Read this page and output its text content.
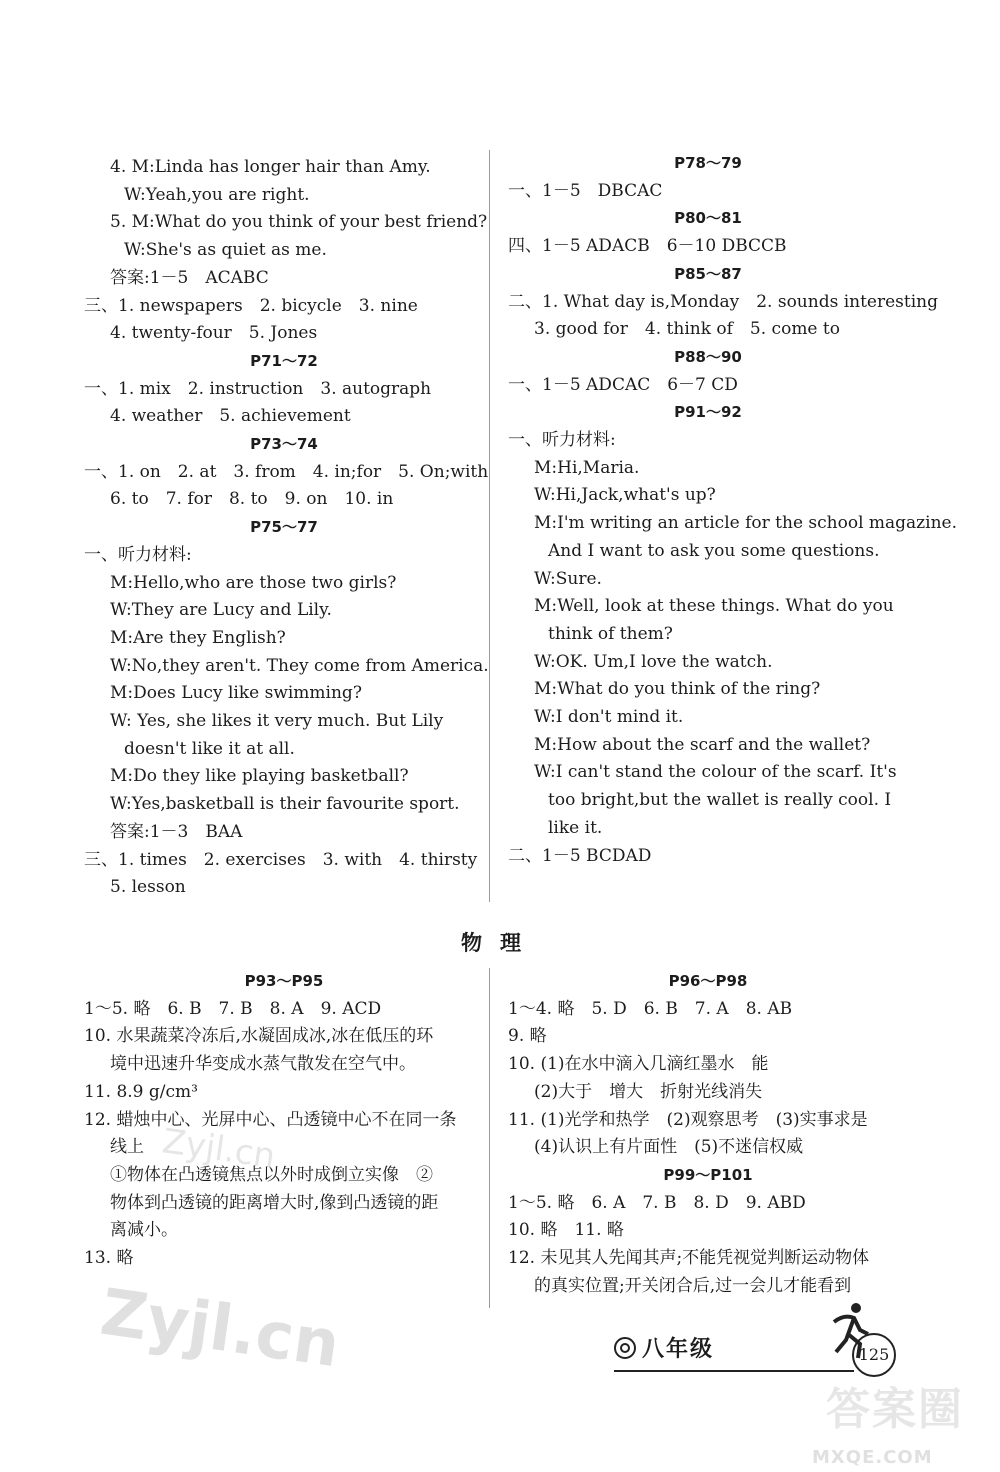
4. M:Linda has longer hair than Amy.
W:Yeah,you are right.
5. M:What do you think of your best friend?
W:She's as quiet as me.
答案:1－5　ACABC
三、1. newspapers　2. bicycle　3. nine
4. twenty-four　5. Jones
P71～72
一、1. mix　2. instruction　3. autograph
4. weather　5. achievement
P73～74
一、1. on　2. at　3. from　4. in;for　5. On;with
6. to　7. for　8. to　9. on　10. in
P75～77
一、听力材料:
M:Hello,who are those two girls?
W:They are Lucy and Lily.
M:Are they English?
W:No,they aren't. They come from America.
M:Does Lucy like swimming?
W: Yes, she likes it very much. But Lily
doesn't like it at all.
M:Do they like playing basketball?
W:Yes,basketball is their favourite sport.
答案:1－3　BAA
三、1. times　2. exercises　3. with　4. thirsty
5. lesson
P78～79
一、1－5　DBCAC
P80～81
四、1－5 ADACB　6－10 DBCCB
P85～87
二、1. What day is,Monday　2. sounds interesting
3. good for　4. think of　5. come to
P88～90
一、1－5 ADCAC　6－7 CD
P91～92
一、听力材料:
M:Hi,Maria.
W:Hi,Jack,what's up?
M:I'm writing an article for the school magazine.
And I want to ask you some questions.
W:Sure.
M:Well, look at these things. What do you
think of them?
W:OK. Um,I love the watch.
M:What do you think of the ring?
W:I don't mind it.
M:How about the scarf and the wallet?
W:I can't stand the colour of the scarf. It's
too bright,but the wallet is really cool. I
like it.
二、1－5 BCDAD
物理
P93～P95
1～5. 略　6. B　7. B　8. A　9. ACD
10. 水果蔬菜冷冻后,水凝固成冰,冰在低压的环
境中迅速升华变成水蒸气散发在空气中。
11. 8.9 g/cm³
12. 蜡烛中心、光屏中心、凸透镜中心不在同一条
线上
①物体在凸透镜焦点以外时成倒立实像　②
物体到凸透镜的距离增大时,像到凸透镜的距
离减小。
13. 略
P96～P98
1～4. 略　5. D　6. B　7. A　8. AB
9. 略
10. (1)在水中滴入几滴红墨水　能
(2)大于　增大　折射光线消失
11. (1)光学和热学　(2)观察思考　(3)实事求是
(4)认识上有片面性　(5)不迷信权威
P99～P101
1～5. 略　6. A　7. B　8. D　9. ABD
10. 略　11. 略
12. 未见其人先闻其声;不能凭视觉判断运动物体
的真实位置;开关闭合后,过一会儿才能看到
Zyjl.cn
Zyjl.cn	八年级	125
答案圈
MXQE.COM
